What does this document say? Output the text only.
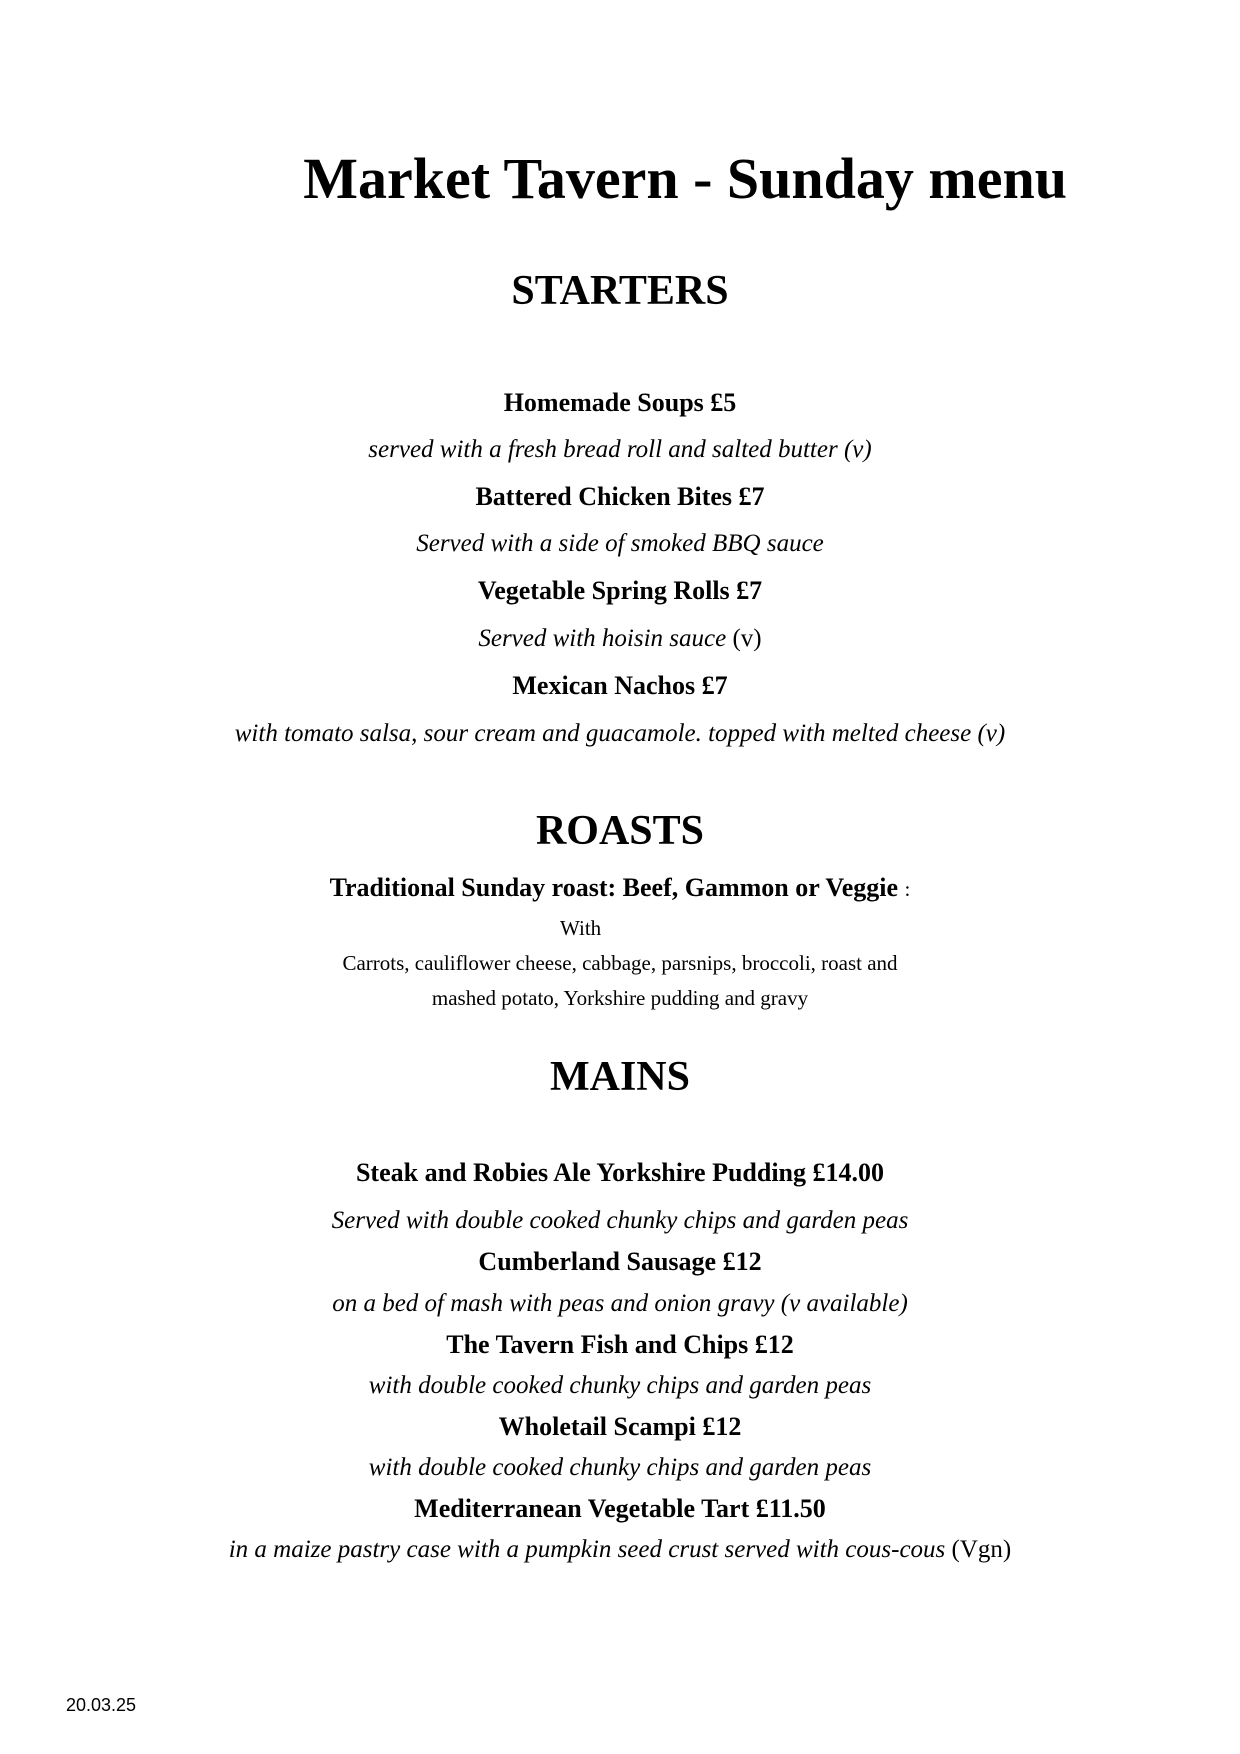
Market Tavern - Sunday menu
STARTERS
Homemade Soups £5
served with a fresh bread roll and salted butter (v)
Battered Chicken Bites £7
Served with a side of smoked BBQ sauce
Vegetable Spring Rolls £7
Served with hoisin sauce (v)
Mexican Nachos £7
with tomato salsa, sour cream and guacamole. topped with melted cheese (v)
ROASTS
Traditional Sunday roast: Beef, Gammon or Veggie :
With
Carrots, cauliflower cheese, cabbage, parsnips, broccoli, roast and
mashed potato, Yorkshire pudding and gravy
MAINS
Steak and Robies Ale Yorkshire Pudding £14.00
Served with double cooked chunky chips and garden peas
Cumberland Sausage £12
on a bed of mash with peas and onion gravy (v available)
The Tavern Fish and Chips £12
with double cooked chunky chips and garden peas
Wholetail Scampi £12
with double cooked chunky chips and garden peas
Mediterranean Vegetable Tart £11.50
in a maize pastry case with a pumpkin seed crust served with cous-cous (Vgn)
20.03.25
